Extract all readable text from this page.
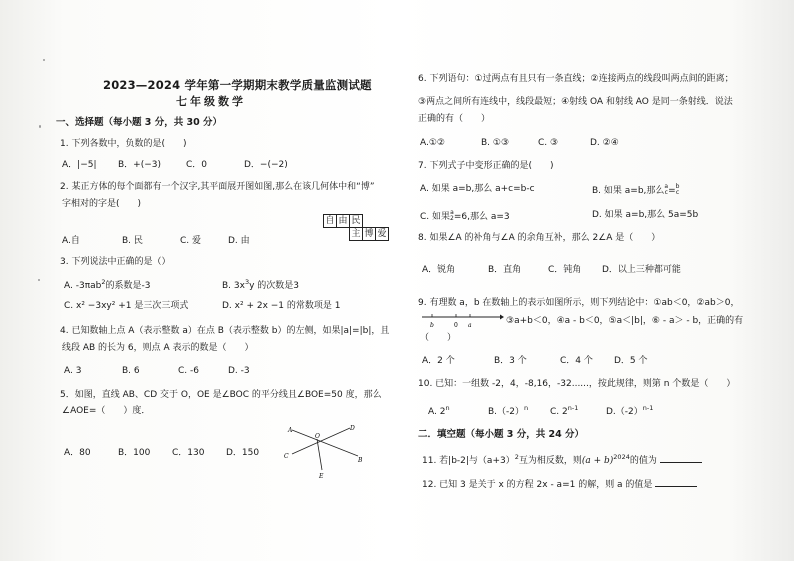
2023—2024 学年第一学期期末教学质量监测试题
七年级数学
一、选择题（每小题 3 分，共 30 分）
1. 下列各数中，负数的是(　　)
A．|−5| B．+(−3)	C．0	D．−(−2)
2. 某正方体的每个面都有一个汉字,其平面展开图如图,那么在该几何体中和“博”
字相对的字是(　　)
自 由 民
主 博 爱
A.自	B. 民	C. 爱	D. 由
3. 下列说法中正确的是（）
A. -3πab$^2$的系数是-3	B. $3x^3y$ 的次数是3
C. x² −3xy² +1 是三次三项式	D. x² + 2x −1 的常数项是 1
4. 已知数轴上点 A（表示整数 a）在点 B（表示整数 b）的左侧，如果|a|=|b|，且
线段 AB 的长为 6，则点 A 表示的数是（　　）
A. 3	B. 6	C. -6	D. -3
5．如图，直线 AB、CD 交于 O，OE 是∠BOC 的平分线且∠BOE=50 度，那么
∠AOE=（　　）度．
A	D
O
C
B
E
A．80	B．100 C．130 D．150
6. 下列语句：①过两点有且只有一条直线；②连接两点的线段叫两点间的距离；
③两点之间所有连线中，线段最短；④射线 OA 和射线 AO 是同一条射线．说法
正确的有（　　）
A.①②	B. ①③	C. ③	D. ②④
7. 下列式子中变形正确的是(　　)
A. 如果 a=b,那么 a+c=b-c	B. 如果 a=b,那么a
c=b
c
C. 如果a
2=6,那么 a=3	D. 如果 a=b,那么 5a=5b
8. 如果∠A 的补角与∠A 的余角互补，那么 2∠A 是（　　）
A．锐角	B．直角	C．钝角 D．以上三种都可能
9. 有理数 a，b 在数轴上的表示如图所示，则下列结论中：①ab＜0，②ab＞0，
b	0 a	③a+b＜0，④a - b＜0，⑤a＜|b|，⑥ - a＞ - b，正确的有
（　　）
A．2 个	B．3 个	C．4 个 D．5 个
10. 已知：一组数 -2，4，-8,16，-32......，按此规律，则第 n 个数是（　　）
A. 2$^n$	$B.(-2)^n$ C. 2$^{n-1}$	$D.(-2)^{n-1}$
二．填空题（每小题 3 分，共 24 分）
11. 若|b-2|与$(a+3)^2$互为相反数，则$(a + b)^{2024}$的值为
12. 已知 3 是关于 x 的方程 2x - a=1 的解，则 a 的值是
